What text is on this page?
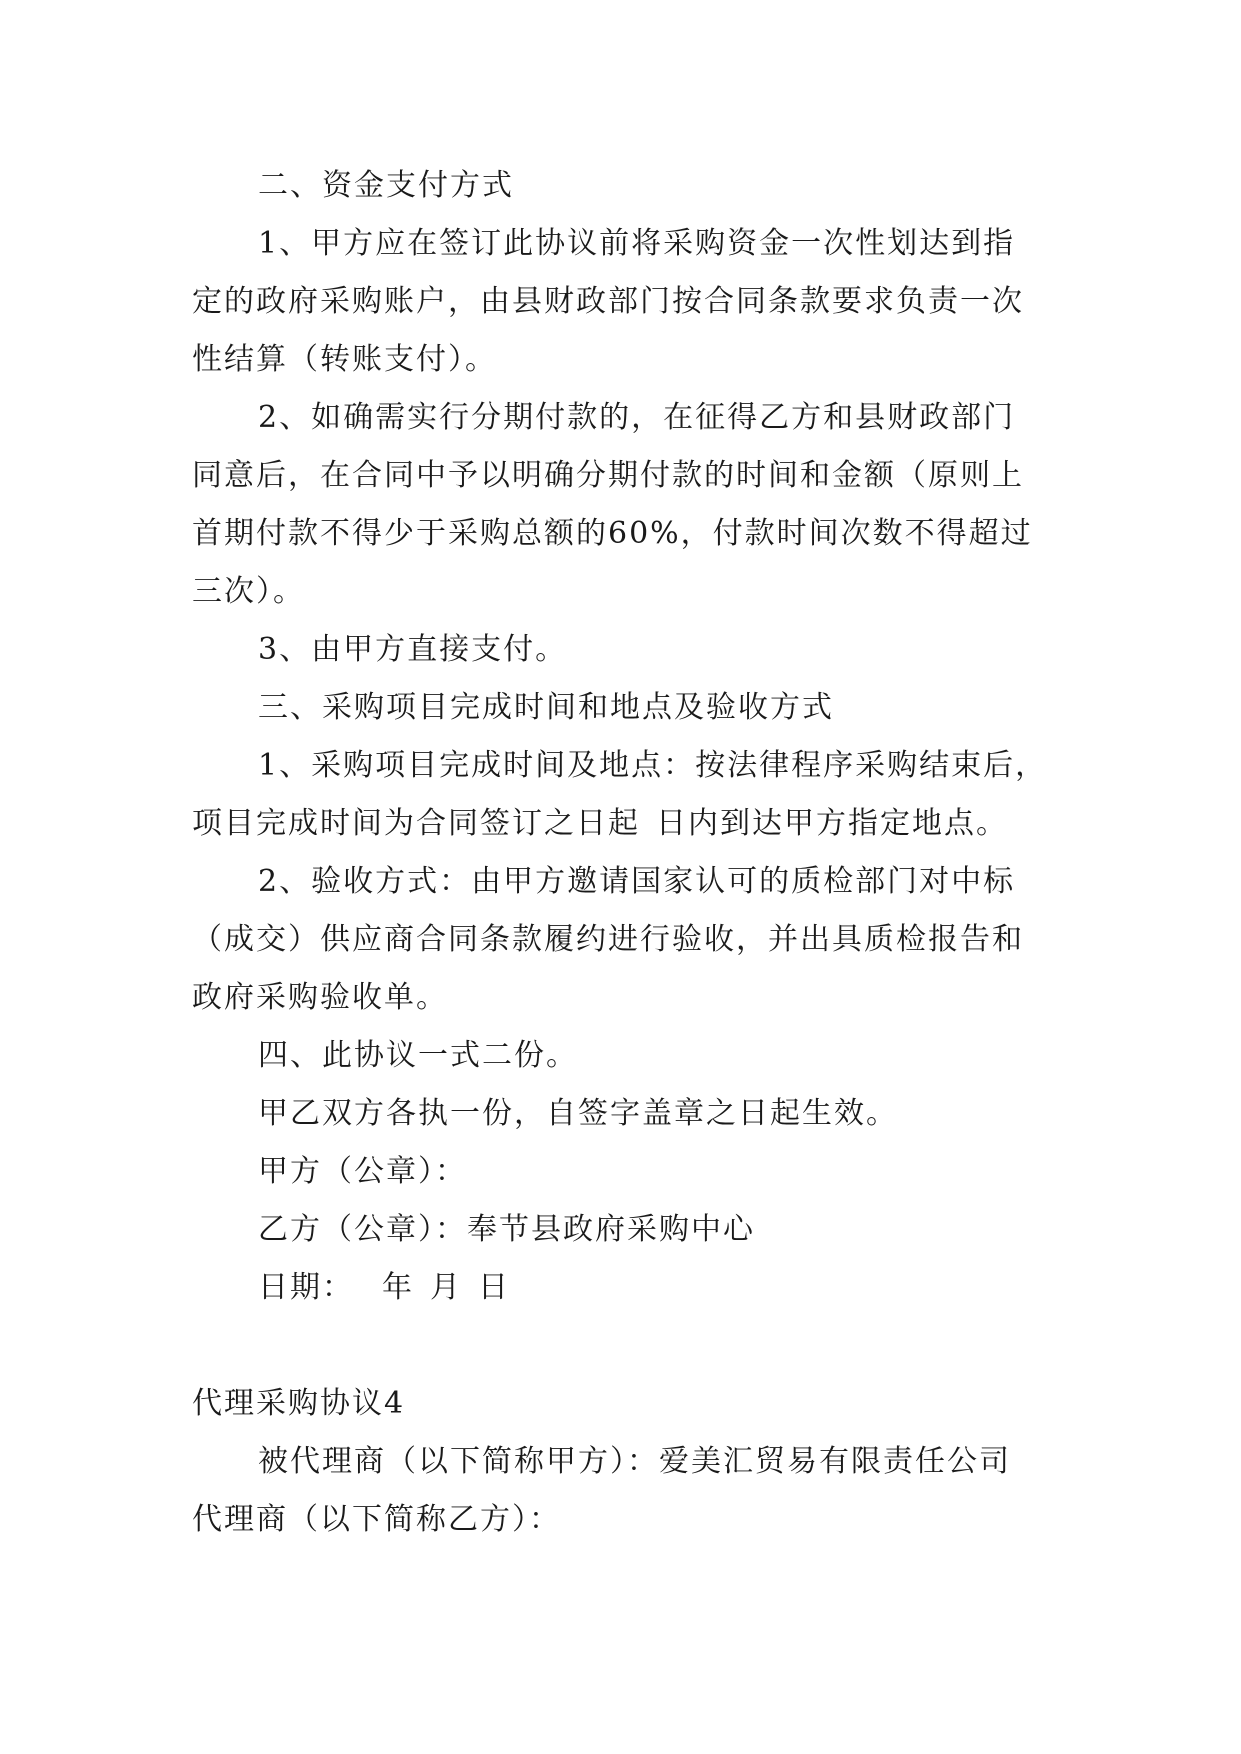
二、资金支付方式
1、甲方应在签订此协议前将采购资金一次性划达到指
定的政府采购账户，由县财政部门按合同条款要求负责一次
性结算（转账支付）。
2、如确需实行分期付款的，在征得乙方和县财政部门
同意后，在合同中予以明确分期付款的时间和金额（原则上
首期付款不得少于采购总额的60%，付款时间次数不得超过
三次）。
3、由甲方直接支付。
三、采购项目完成时间和地点及验收方式
1、采购项目完成时间及地点：按法律程序采购结束后，
项目完成时间为合同签订之日起 日内到达甲方指定地点。
2、验收方式：由甲方邀请国家认可的质检部门对中标
（成交）供应商合同条款履约进行验收，并出具质检报告和
政府采购验收单。
四、此协议一式二份。
甲乙双方各执一份，自签字盖章之日起生效。
甲方（公章）：
乙方（公章）：奉节县政府采购中心
日期： 年 月 日
代理采购协议4
被代理商（以下简称甲方）：爱美汇贸易有限责任公司
代理商（以下简称乙方）：
